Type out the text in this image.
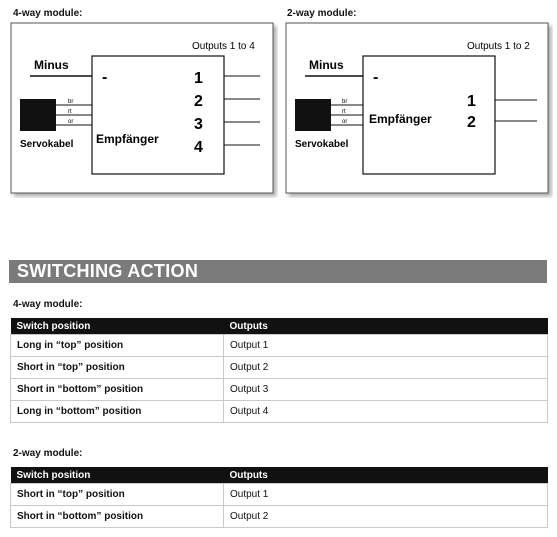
4-way module:
Outputs 1 to 4
Empfänger
Minus
-
br
rt
or
Servokabel
1
2
3
4
2-way module:
Outputs 1 to 2
Empfänger
Minus
-
br
rt
or
Servokabel
1
2
SWITCHING ACTION
4-way module:
Switch position	Outputs
Long in “top” position	Output 1
Short in “top” position	Output 2
Short in “bottom” position	Output 3
Long in “bottom” position	Output 4
2-way module:
Switch position	Outputs
Short in “top” position	Output 1
Short in “bottom” position	Output 2
